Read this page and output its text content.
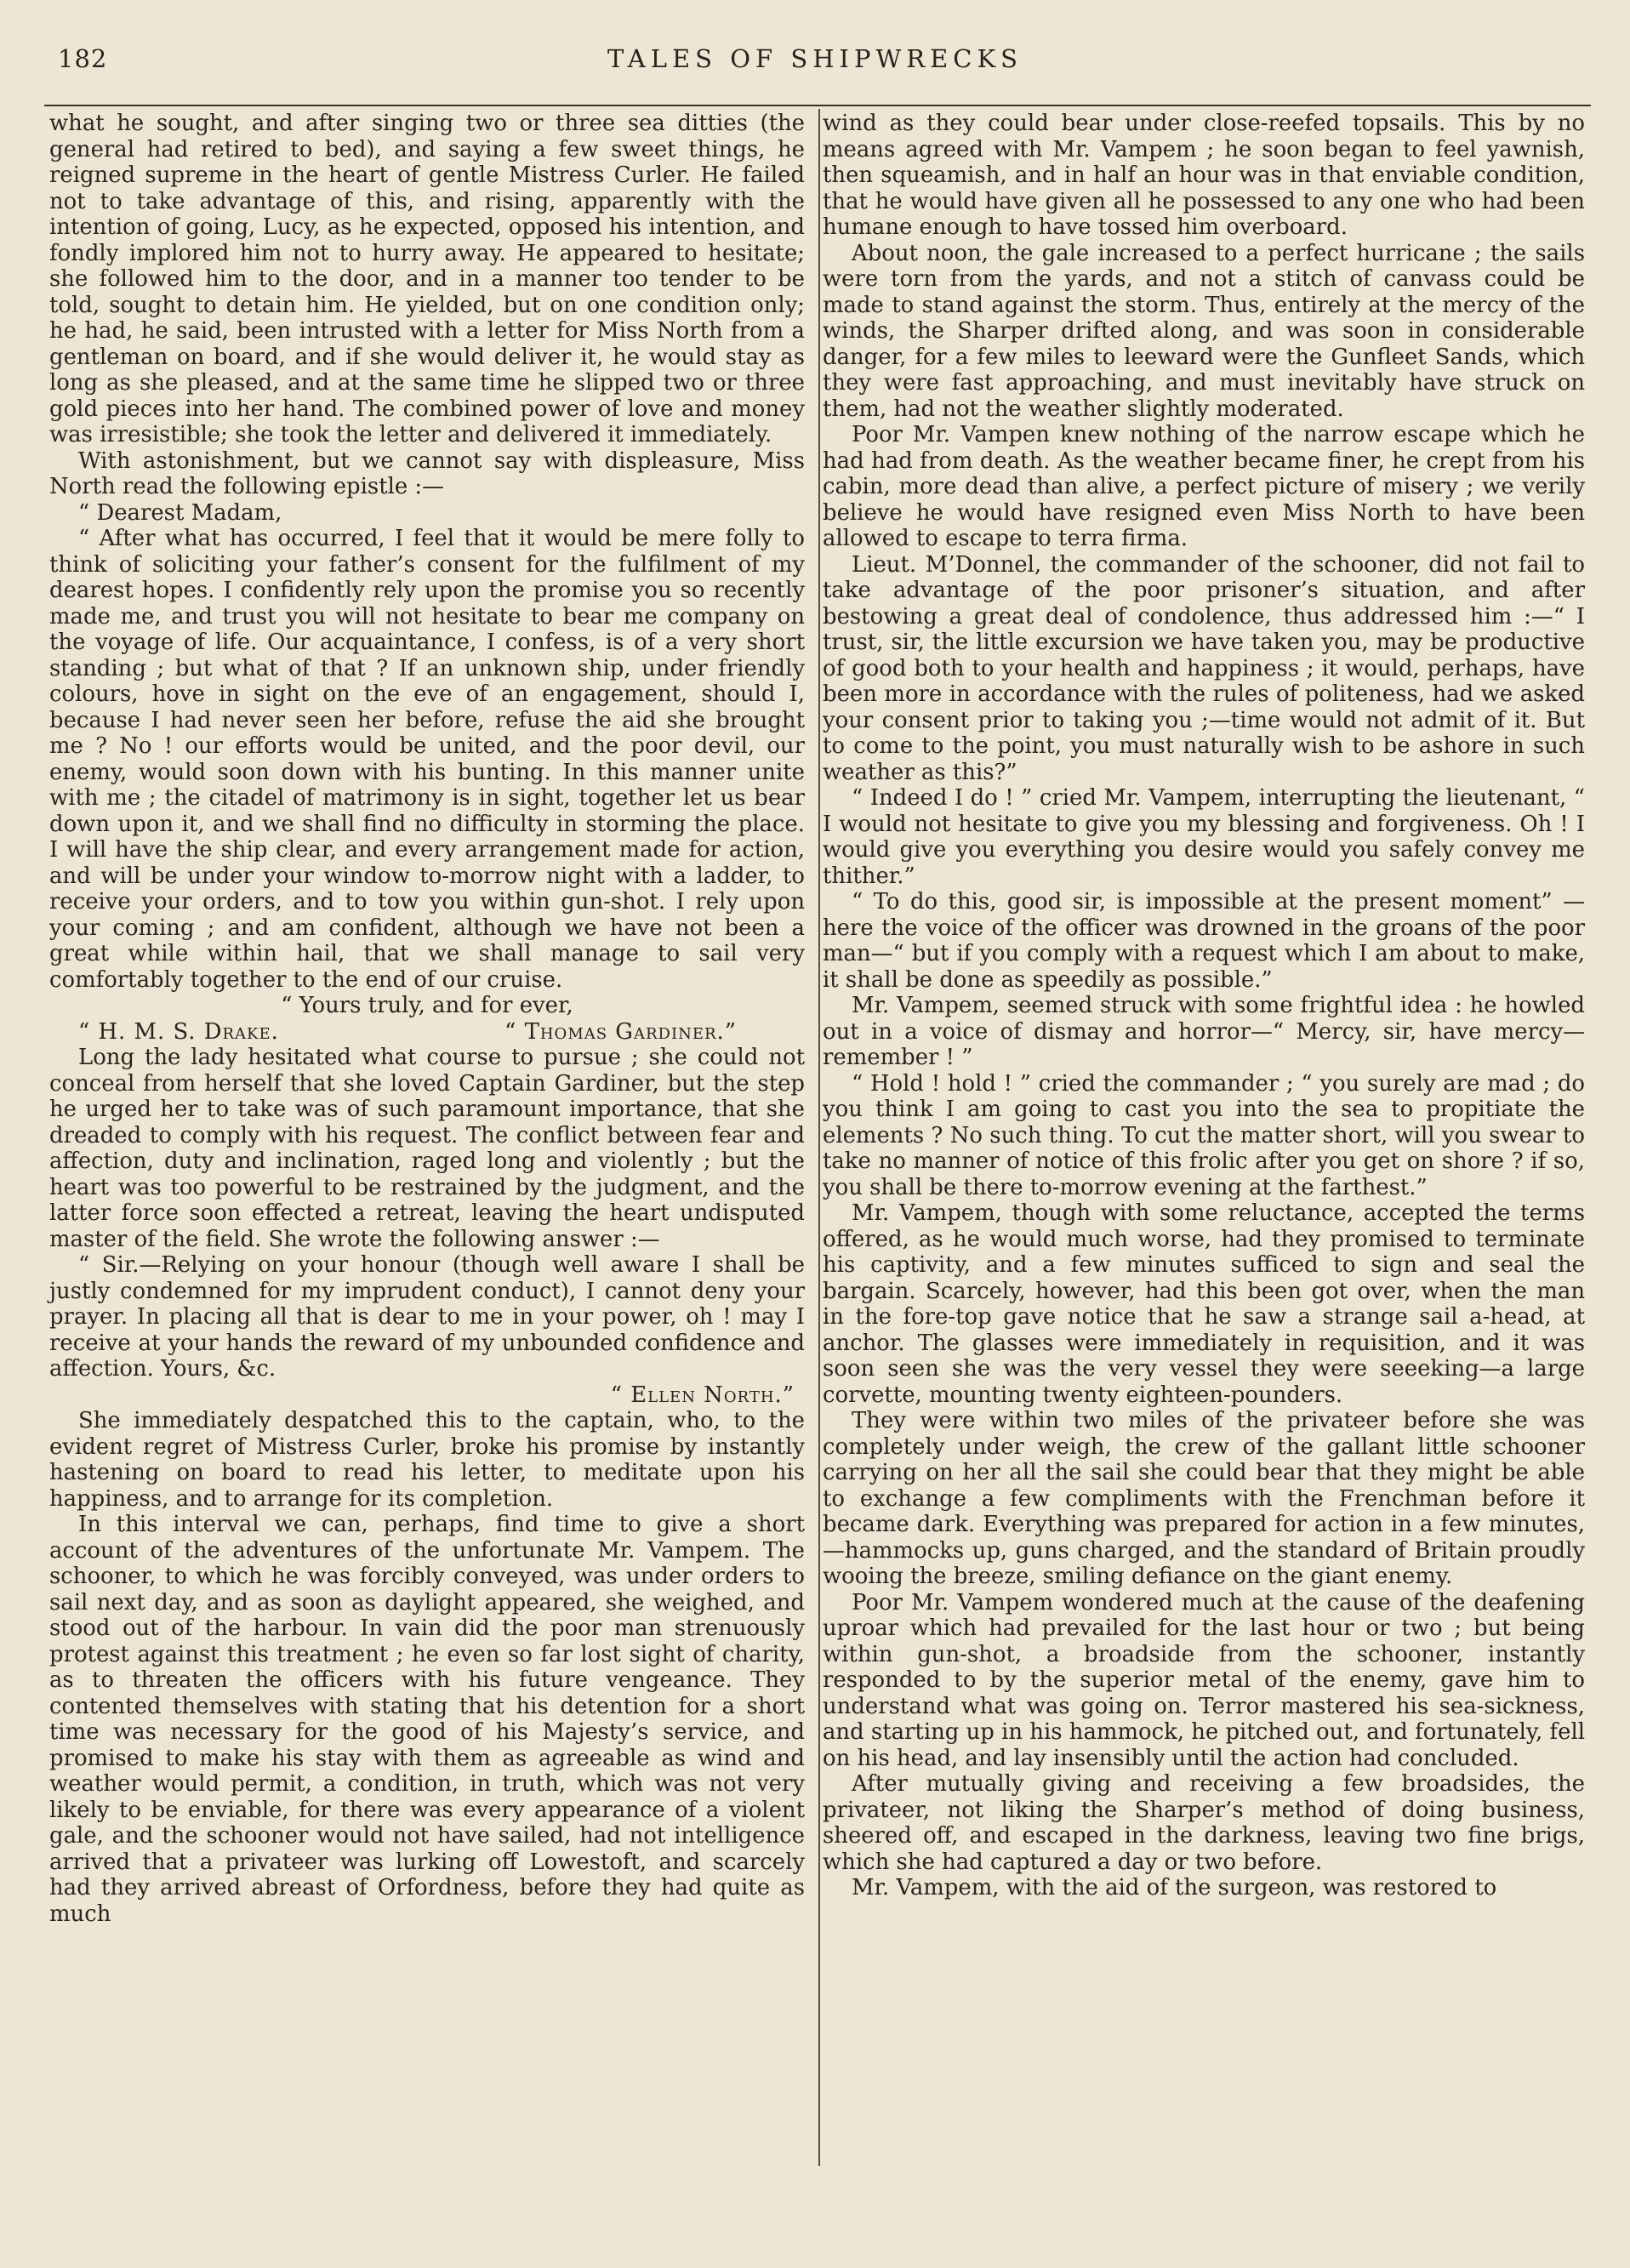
182	TALES OF SHIPWRECKS

what he sought, and after singing two or three sea ditties (the general had retired to bed), and saying a few sweet things, he reigned supreme in the heart of gentle Mistress Curler. He failed not to take advantage of this, and rising, apparently with the intention of going, Lucy, as he expected, opposed his intention, and fondly implored him not to hurry away. He appeared to hesitate; she followed him to the door, and in a manner too tender to be told, sought to detain him. He yielded, but on one condition only; he had, he said, been intrusted with a letter for Miss North from a gentleman on board, and if she would deliver it, he would stay as long as she pleased, and at the same time he slipped two or three gold pieces into her hand. The combined power of love and money was irresistible; she took the letter and delivered it immediately.

With astonishment, but we cannot say with displeasure, Miss North read the following epistle :—

“ Dearest Madam,

“ After what has occurred, I feel that it would be mere folly to think of soliciting your father’s consent for the fulfilment of my dearest hopes. I confidently rely upon the promise you so recently made me, and trust you will not hesitate to bear me company on the voyage of life. Our acquaintance, I confess, is of a very short standing ; but what of that ? If an unknown ship, under friendly colours, hove in sight on the eve of an engagement, should I, because I had never seen her before, refuse the aid she brought me ? No ! our efforts would be united, and the poor devil, our enemy, would soon down with his bunting. In this manner unite with me ; the citadel of matrimony is in sight, together let us bear down upon it, and we shall find no difficulty in storming the place. I will have the ship clear, and every arrangement made for action, and will be under your window to-morrow night with a ladder, to receive your orders, and to tow you within gun-shot. I rely upon your coming ; and am confident, although we have not been a great while within hail, that we shall manage to sail very comfortably together to the end of our cruise.

“ Yours truly, and for ever,

“ H. M. S. Drake.	“ Thomas Gardiner.”

Long the lady hesitated what course to pursue ; she could not conceal from herself that she loved Captain Gardiner, but the step he urged her to take was of such paramount importance, that she dreaded to comply with his request. The conflict between fear and affection, duty and inclination, raged long and violently ; but the heart was too powerful to be restrained by the judgment, and the latter force soon effected a retreat, leaving the heart undisputed master of the field. She wrote the following answer :—

“ Sir.—Relying on your honour (though well aware I shall be justly condemned for my imprudent conduct), I cannot deny your prayer. In placing all that is dear to me in your power, oh ! may I receive at your hands the reward of my unbounded confidence and affection. Yours, &c.

“ Ellen North.”

She immediately despatched this to the captain, who, to the evident regret of Mistress Curler, broke his promise by instantly hastening on board to read his letter, to meditate upon his happiness, and to arrange for its completion.

In this interval we can, perhaps, find time to give a short account of the adventures of the unfortunate Mr. Vampem. The schooner, to which he was forcibly conveyed, was under orders to sail next day, and as soon as daylight appeared, she weighed, and stood out of the harbour. In vain did the poor man strenuously protest against this treatment ; he even so far lost sight of charity, as to threaten the officers with his future vengeance. They contented themselves with stating that his detention for a short time was necessary for the good of his Majesty’s service, and promised to make his stay with them as agreeable as wind and weather would permit, a condition, in truth, which was not very likely to be enviable, for there was every appearance of a violent gale, and the schooner would not have sailed, had not intelligence arrived that a privateer was lurking off Lowestoft, and scarcely had they arrived abreast of Orfordness, before they had quite as much

wind as they could bear under close-reefed topsails. This by no means agreed with Mr. Vampem ; he soon began to feel yawnish, then squeamish, and in half an hour was in that enviable condition, that he would have given all he possessed to any one who had been humane enough to have tossed him overboard.

About noon, the gale increased to a perfect hurricane ; the sails were torn from the yards, and not a stitch of canvass could be made to stand against the storm. Thus, entirely at the mercy of the winds, the Sharper drifted along, and was soon in considerable danger, for a few miles to leeward were the Gunfleet Sands, which they were fast approaching, and must inevitably have struck on them, had not the weather slightly moderated.

Poor Mr. Vampen knew nothing of the narrow escape which he had had from death. As the weather became finer, he crept from his cabin, more dead than alive, a perfect picture of misery ; we verily believe he would have resigned even Miss North to have been allowed to escape to terra firma.

Lieut. M’Donnel, the commander of the schooner, did not fail to take advantage of the poor prisoner’s situation, and after bestowing a great deal of condolence, thus addressed him :—“ I trust, sir, the little excursion we have taken you, may be productive of good both to your health and happiness ; it would, perhaps, have been more in accordance with the rules of politeness, had we asked your consent prior to taking you ;—time would not admit of it. But to come to the point, you must naturally wish to be ashore in such weather as this?”

“ Indeed I do ! ” cried Mr. Vampem, interrupting the lieutenant, “ I would not hesitate to give you my blessing and forgiveness. Oh ! I would give you everything you desire would you safely convey me thither.”

“ To do this, good sir, is impossible at the present moment” —here the voice of the officer was drowned in the groans of the poor man—“ but if you comply with a request which I am about to make, it shall be done as speedily as possible.”

Mr. Vampem, seemed struck with some frightful idea : he howled out in a voice of dismay and horror—“ Mercy, sir, have mercy—remember ! ”

“ Hold ! hold ! ” cried the commander ; “ you surely are mad ; do you think I am going to cast you into the sea to propitiate the elements ? No such thing. To cut the matter short, will you swear to take no manner of notice of this frolic after you get on shore ? if so, you shall be there to-morrow evening at the farthest.”

Mr. Vampem, though with some reluctance, accepted the terms offered, as he would much worse, had they promised to terminate his captivity, and a few minutes sufficed to sign and seal the bargain. Scarcely, however, had this been got over, when the man in the fore-top gave notice that he saw a strange sail a-head, at anchor. The glasses were immediately in requisition, and it was soon seen she was the very vessel they were seeeking—a large corvette, mounting twenty eighteen-pounders.

They were within two miles of the privateer before she was completely under weigh, the crew of the gallant little schooner carrying on her all the sail she could bear that they might be able to exchange a few compliments with the Frenchman before it became dark. Everything was prepared for action in a few minutes,—hammocks up, guns charged, and the standard of Britain proudly wooing the breeze, smiling defiance on the giant enemy.

Poor Mr. Vampem wondered much at the cause of the deafening uproar which had prevailed for the last hour or two ; but being within gun-shot, a broadside from the schooner, instantly responded to by the superior metal of the enemy, gave him to understand what was going on. Terror mastered his sea-sickness, and starting up in his hammock, he pitched out, and fortunately, fell on his head, and lay insensibly until the action had concluded.

After mutually giving and receiving a few broadsides, the privateer, not liking the Sharper’s method of doing business, sheered off, and escaped in the darkness, leaving two fine brigs, which she had captured a day or two before.

Mr. Vampem, with the aid of the surgeon, was restored to
